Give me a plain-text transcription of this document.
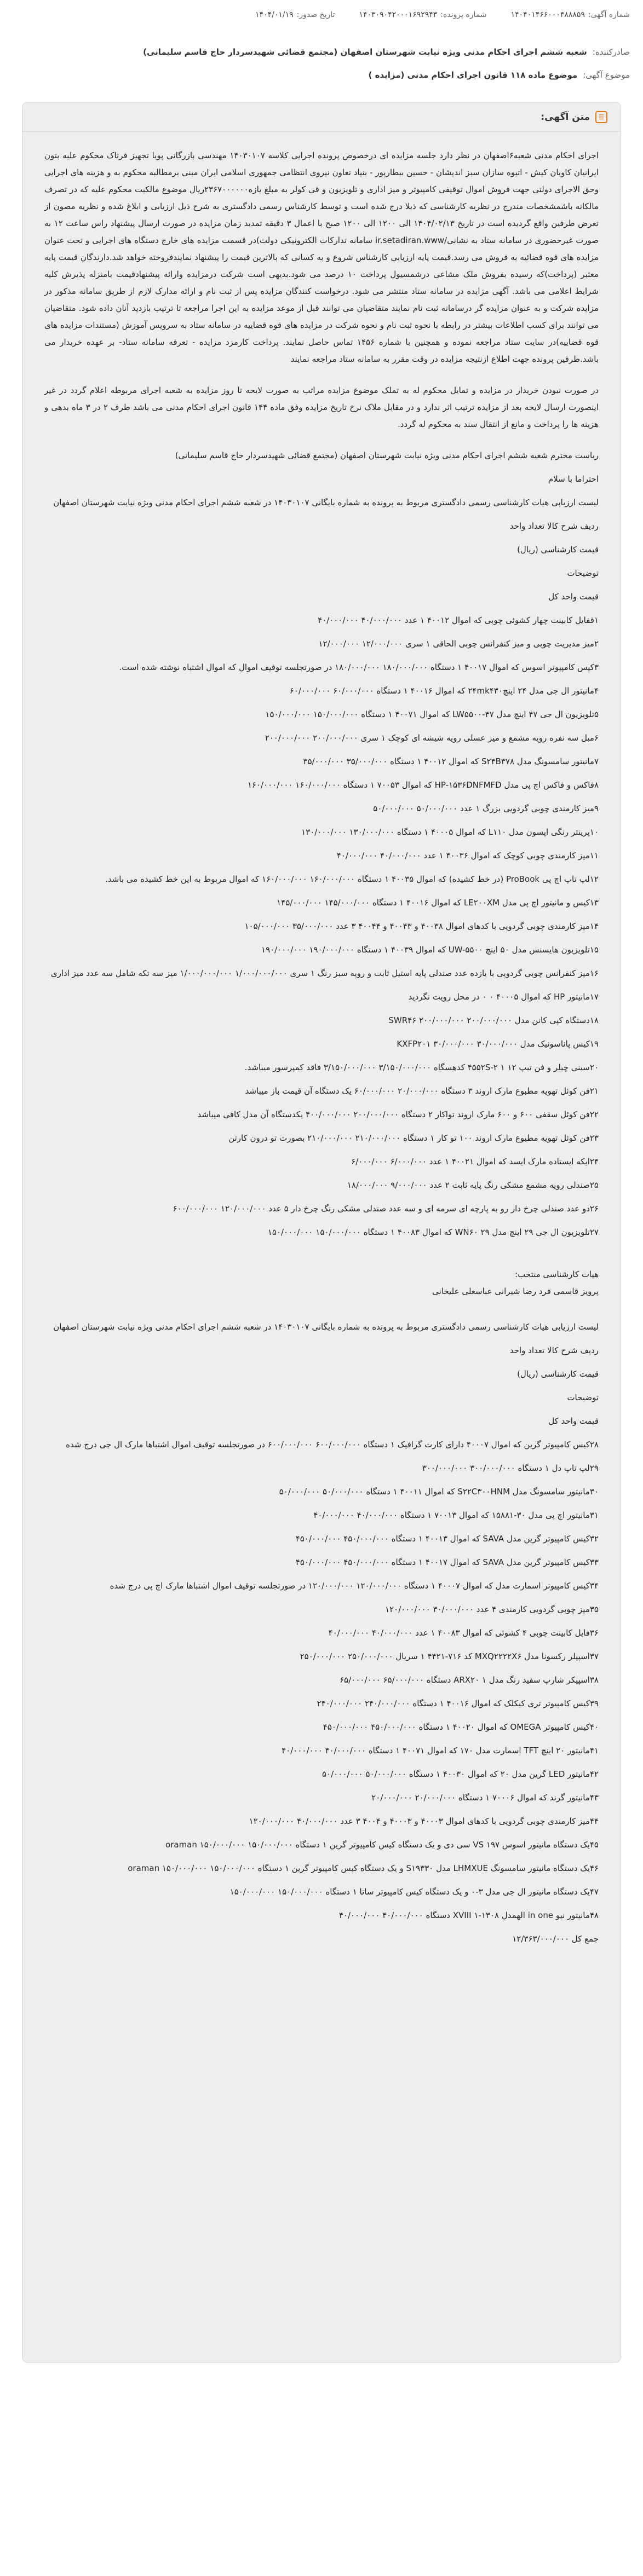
شماره آگهی:
۱۴۰۴۰۱۴۶۶۰۰۰۴۸۸۸۵۹
شماره پرونده:
۱۴۰۳۰۹۰۴۲۰۰۰۱۶۹۲۹۴۳
تاریخ صدور:
۱۴۰۴/۰۱/۱۹
صادرکننده:
شعبه ششم اجرای احکام مدنی ویژه نیابت شهرستان اصفهان (مجتمع قضائی شهیدسردار حاج قاسم سلیمانی)
موضوع آگهی:
موضوع ماده ۱۱۸ قانون اجرای احکام مدنی (مزایده )
☰
متن آگهی:

اجرای احکام مدنی شعبه۶اصفهان در نظر دارد جلسه مزایده ای درخصوص پرونده اجرایی کلاسه ۱۴۰۳۰۱۰۷ مهندسی بازرگانی پویا تجهیز فرتاک محکوم علیه بتون ایرانیان کاویان کیش - اتیوه سازان سبز اندیشان - حسین بیطارپور - بنیاد تعاون نیروی انتظامی جمهوری اسلامی ایران مبنی برمطالبه محکوم به و هزینه های اجرایی وحق الاجرای دولتی جهت فروش اموال توقیفی کامپیوتر و میز اداری و تلویزیون و قی کولر به مبلغ یازه۲۳۶۷۰۰۰۰۰۰ریال موضوع مالکیت محکوم علیه که در تصرف مالکانه باشمشخصات مندرج در نظریه کارشناسی که ذیلا درج شده است و توسط کارشناس رسمی دادگستری به شرح ذیل ارزیابی و ابلاغ شده و نظریه مصون از تعرض طرفین واقع گردیده است در تاریخ ۱۴۰۴/۰۲/۱۳ الی ۱۲۰۰ الی ۱۲۰۰ صبح با اعمال ۳ دقیقه تمدید زمان مزایده در صورت ارسال پیشنهاد راس ساعت ۱۲ به صورت غیرحضوری در سامانه ستاد به نشانی/ir.setadiran.www سامانه تدارکات الکترونیکی دولت)در قسمت مزایده های خارج دستگاه های اجرایی و تحت عنوان مزایده های قوه قضائیه به فروش می رسد.قیمت پایه ارزیابی کارشناس شروع و به کسانی که بالاترین قیمت را پیشنهاد نمایندفروخته خواهد شد.دارندگان قیمت پایه معتبر (پرداخت)که رسیده بفروش ملک مشاعی درشمسیول پرداخت ۱۰ درصد می شود.بدیهی است شرکت درمزایده وارائه پیشنهادقیمت بامنزله پذیرش کلیه شرایط اعلامی می باشد. آگهی مزایده در سامانه ستاد منتشر می شود. درخواست کنندگان مزایده پس از ثبت نام و ارائه مدارک لازم از طریق سامانه مذکور در مزایده شرکت و به عنوان مزایده گر درسامانه ثبت نام نمایند متقاضیان می توانند قبل از موعد مزایده به این اجرا مراجعه تا ترتیب بازدید آنان داده شود. متقاضیان می توانند برای کسب اطلاعات بیشتر در رابطه با نحوه ثبت نام و نحوه شرکت در مزایده های قوه قضاییه در سامانه ستاد به سرویس آموزش (مستندات مزایده های قوه قضاییه)در سایت ستاد مراجعه نموده و همچنین با شماره ۱۴۵۶ تماس حاصل نمایند. پرداخت کارمزد مزایده - تعرفه سامانه ستاد- بر عهده خریدار می باشد.طرفین پرونده جهت اطلاع ازنتیجه مزایده در وقت مقرر به سامانه ستاد مراجعه نمایند

در صورت نبودن خریدار در مزایده و تمایل محکوم له به تملک موضوع مزایده مراتب به صورت لایحه تا روز مزایده به شعبه اجرای مربوطه اعلام گردد در غیر اینصورت ارسال لایحه بعد از مزایده ترتیب اثر ندارد و در مقابل ملاک نرخ تاریخ مزایده وفق ماده ۱۴۴ قانون اجرای احکام مدنی می باشد طرف ۲ در ۳ ماه بدهی و هزینه ها را پرداخت و مانع از انتقال سند به محکوم له گردد.

ریاست محترم شعبه ششم اجرای احکام مدنی ویژه نیابت شهرستان اصفهان (مجتمع قضائی شهیدسردار حاج قاسم سلیمانی)
احتراما با سلام
لیست ارزیابی هیات کارشناسی رسمی دادگستری مربوط به پرونده به شماره بایگانی ۱۴۰۳۰۱۰۷ در شعبه ششم اجرای احکام مدنی ویژه نیابت شهرستان اصفهان
ردیف شرح کالا تعداد واحد
قیمت کارشناسی (ریال)
توضیحات
قیمت واحد کل
۱قفایل کابینت چهار کشوئی چوبی که اموال ۴۰۰۱۲ ۱ عدد ۴۰/۰۰۰/۰۰۰ ۴۰/۰۰۰/۰۰۰
۲میز مدیریت چوبی و میز کنفرانس چوبی الحاقی ۱ سری ۱۲/۰۰۰/۰۰۰ ۱۲/۰۰۰/۰۰۰
۳کیس کامپیوتر اسوس که اموال ۴۰۰۱۷ ۱ دستگاه ۱۸۰/۰۰۰/۰۰۰ ۱۸۰/۰۰۰/۰۰۰ در صورتجلسه توقیف اموال که اموال اشتباه نوشته شده است.
۴مانیتور ال جی مدل ۲۴ اینچ۲۴mk۴۳۰ که اموال ۴۰۰۱۶ ۱ دستگاه ۶۰/۰۰۰/۰۰۰ ۶۰/۰۰۰/۰۰۰
۵تلویزیون ال جی ۴۷ اینچ مدل LW۵۵۰۰-۴۷ که اموال ۴۰۰۷۱ ۱ دستگاه ۱۵۰/۰۰۰/۰۰۰ ۱۵۰/۰۰۰/۰۰۰
۶مبل سه نفره رویه مشمع و میز عسلی رویه شیشه ای کوچک ۱ سری ۲۰۰/۰۰۰/۰۰۰ ۲۰۰/۰۰۰/۰۰۰
۷مانیتور سامسونگ مدل S۲۴B۳۷۸ که اموال ۴۰۰۱۲ ۱ دستگاه ۳۵/۰۰۰/۰۰۰ ۳۵/۰۰۰/۰۰۰
۸فاکس و فاکس اچ پی مدل HP-۱۵۳۶DNFMFD که اموال ۷۰۰۵۳ ۱ دستگاه ۱۶۰/۰۰۰/۰۰۰ ۱۶۰/۰۰۰/۰۰۰
۹میز کارمندی چوبی گردویی بزرگ ۱ عدد ۵۰/۰۰۰/۰۰۰ ۵۰/۰۰۰/۰۰۰
۱۰پرینتر رنگی اپسون مدل L۱۱۰ که اموال ۴۰۰۰۵ ۱ دستگاه ۱۳۰/۰۰۰/۰۰۰ ۱۳۰/۰۰۰/۰۰۰
۱۱میز کارمندی چوبی کوچک که اموال ۴۰۰۳۶ ۱ عدد ۴۰/۰۰۰/۰۰۰ ۴۰/۰۰۰/۰۰۰
۱۲لپ تاپ اچ پی ProBook (در خط کشیده) که اموال ۴۰۰۳۵ ۱ دستگاه ۱۶۰/۰۰۰/۰۰۰ ۱۶۰/۰۰۰/۰۰۰ که اموال مربوط به این خط کشیده می باشد.
۱۳کیس و مانیتور اچ پی مدل LE۲۰۰XM که اموال ۴۰۰۱۶ ۱ دستگاه ۱۴۵/۰۰۰/۰۰۰ ۱۴۵/۰۰۰/۰۰۰
۱۴میز کارمندی چوبی گردویی با کدهای اموال ۴۰۰۳۸ و ۴۰۰۴۳ و ۴۰۰۴۴ ۳ عدد ۳۵/۰۰۰/۰۰۰ ۱۰۵/۰۰۰/۰۰۰
۱۵تلویزیون هایسنس مدل ۵۰ اینچ UW-۵۵۰۰ که اموال ۴۰۰۳۹ ۱ دستگاه ۱۹۰/۰۰۰/۰۰۰ ۱۹۰/۰۰۰/۰۰۰
۱۶میز کنفرانس چوبی گردویی با یازده عدد صندلی پایه استیل ثابت و رویه سبز رنگ ۱ سری ۱/۰۰۰/۰۰۰/۰۰۰ ۱/۰۰۰/۰۰۰/۰۰۰ میز سه تکه شامل سه عدد میز اداری
۱۷مانیتور HP که اموال ۴۰۰۰۵ ۰ ۰ در محل رویت نگردید
۱۸دستگاه کپی کانن مدل SWR۴۶ ۲۰۰/۰۰۰/۰۰۰ ۲۰۰/۰۰۰/۰۰۰
۱۹کیس پاناسونیک مدل KXFP۲۰۱ ۳۰/۰۰۰/۰۰۰ ۳۰/۰۰۰/۰۰۰
۲۰سینی چیلر و فن تیپ ۱۲ ۱ ۴۵۵۲S-۲ کدهسگاه ۳/۱۵۰/۰۰۰/۰۰۰ ۳/۱۵۰/۰۰۰/۰۰۰ فاقد کمپرسور میباشد.
۲۱فن کوئل تهویه مطبوع مارک اروند ۳ دستگاه ۲۰/۰۰۰/۰۰۰ ۶۰/۰۰۰/۰۰۰ یک دستگاه آن قیمت باز میباشد
۲۲فن کوئل سقفی ۶۰۰ و ۶۰۰ مارک اروند تواکار ۲ دستگاه ۲۰۰/۰۰۰/۰۰۰ ۴۰۰/۰۰۰/۰۰۰ یکدستگاه آن مدل کافی میباشد
۲۳فن کوئل تهویه مطبوع مارک اروند ۱۰۰ تو کار ۱ دستگاه ۲۱۰/۰۰۰/۰۰۰ ۲۱۰/۰۰۰/۰۰۰ بصورت تو درون کارتن
۲۴ایکه ایستاده مارک ایسد که اموال ۴۰۰۲۱ ۱ عدد ۶/۰۰۰/۰۰۰ ۶/۰۰۰/۰۰۰
۲۵صندلی رویه مشمع مشکی رنگ پایه ثابت ۲ عدد ۹/۰۰۰/۰۰۰ ۱۸/۰۰۰/۰۰۰
۲۶دو عدد صندلی چرخ دار رو به پارچه ای سرمه ای و سه عدد صندلی مشکی رنگ چرخ دار ۵ عدد ۱۲۰/۰۰۰/۰۰۰ ۶۰۰/۰۰۰/۰۰۰
۲۷تلویزیون ال جی ۲۹ اینچ مدل WN۶۰ ۲۹ که اموال ۴۰۰۸۳ ۱ دستگاه ۱۵۰/۰۰۰/۰۰۰ ۱۵۰/۰۰۰/۰۰۰
هیات کارشناسی منتخب:
پرویز قاسمی فرد رضا شیرانی عباسعلی علیخانی
لیست ارزیابی هیات کارشناسی رسمی دادگستری مربوط به پرونده به شماره بایگانی ۱۴۰۳۰۱۰۷ در شعبه ششم اجرای احکام مدنی ویژه نیابت شهرستان اصفهان
ردیف شرح کالا تعداد واحد
قیمت کارشناسی (ریال)
توضیحات
قیمت واحد کل
۲۸کیس کامپیوتر گرین که اموال ۴۰۰۰۷ دارای کارت گرافیک ۱ دستگاه ۶۰۰/۰۰۰/۰۰۰ ۶۰۰/۰۰۰/۰۰۰ در صورتجلسه توقیف اموال اشتباها مارک ال جی درج شده
۲۹لپ تاپ دل ۱ دستگاه ۳۰۰/۰۰۰/۰۰۰ ۳۰۰/۰۰۰/۰۰۰
۳۰مانیتور سامسونگ مدل S۲۲C۳۰۰HNM که اموال ۴۰۰۱۱ ۱ دستگاه ۵۰/۰۰۰/۰۰۰ ۵۰/۰۰۰/۰۰۰
۳۱مانیتور اچ پی مدل ۳۰-۱۵۸۸۱ که اموال ۷۰۰۱۳ ۱ دستگاه ۴۰/۰۰۰/۰۰۰ ۴۰/۰۰۰/۰۰۰
۳۲کیس کامپیوتر گرین مدل SAVA که اموال ۴۰۰۱۳ ۱ دستگاه ۴۵۰/۰۰۰/۰۰۰ ۴۵۰/۰۰۰/۰۰۰
۳۳کیس کامپیوتر گرین مدل SAVA که اموال ۴۰۰۱۷ ۱ دستگاه ۴۵۰/۰۰۰/۰۰۰ ۴۵۰/۰۰۰/۰۰۰
۳۴کیس کامپیوتر اسمارت مدل که اموال ۴۰۰۰۷ ۱ دستگاه ۱۲۰/۰۰۰/۰۰۰ ۱۲۰/۰۰۰/۰۰۰ در صورتجلسه توقیف اموال اشتباها مارک اچ پی درج شده
۳۵میز چوبی گردویی کارمندی ۴ عدد ۳۰/۰۰۰/۰۰۰ ۱۲۰/۰۰۰/۰۰۰
۳۶فایل کابینت چوبی ۴ کشوئی که اموال ۴۰۰۸۳ ۱ عدد ۴۰/۰۰۰/۰۰۰ ۴۰/۰۰۰/۰۰۰
۳۷اسپیلر رکسونا مدل MXQ۲۲۲۲X۶ کد ۷۱۶-۴۴۲۱ ۱ سریال ۲۵۰/۰۰۰/۰۰۰ ۲۵۰/۰۰۰/۰۰۰
۳۸اسپیکر شارپ سفید رنگ مدل ARX۲۰ ۱ دستگاه ۶۵/۰۰۰/۰۰۰ ۶۵/۰۰۰/۰۰۰
۳۹کیس کامپیوتر تری کیکلک که اموال ۴۰۰۱۶ ۱ دستگاه ۲۴۰/۰۰۰/۰۰۰ ۲۴۰/۰۰۰/۰۰۰
۴۰کیس کامپیوتر OMEGA که اموال ۴۰۰۲۰ ۱ دستگاه ۴۵۰/۰۰۰/۰۰۰ ۴۵۰/۰۰۰/۰۰۰
۴۱مانیتور ۲۰ اینچ TFT اسمارت مدل ۱۷۰ که اموال ۴۰۰۷۱ ۱ دستگاه ۴۰/۰۰۰/۰۰۰ ۴۰/۰۰۰/۰۰۰
۴۲مانیتور LED گرین مدل ۲۰ که اموال ۴۰۰۳۰ ۱ دستگاه ۵۰/۰۰۰/۰۰۰ ۵۰/۰۰۰/۰۰۰
۴۳مانیتور گرند که اموال ۷۰۰۰۶ ۱ دستگاه ۲۰/۰۰۰/۰۰۰ ۲۰/۰۰۰/۰۰۰
۴۴میز کارمندی چوبی گردویی با کدهای اموال ۴۰۰۰۳ و ۴۰۰۰۳ و ۴۰۰۴ ۳ عدد ۴۰/۰۰۰/۰۰۰ ۱۲۰/۰۰۰/۰۰۰
۴۵یک دستگاه مانیتور اسوس ۱۹۷ VS سی دی و یک دستگاه کیس کامپیوتر گرین ۱ دستگاه ۱۵۰/۰۰۰/۰۰۰ ۱۵۰/۰۰۰/۰۰۰ oraman
۴۶یک دستگاه مانیتور سامسونگ LHMXUE مدل S۱۹۳۳۰ و یک دستگاه کیس کامپیوتر گرین ۱ دستگاه ۱۵۰/۰۰۰/۰۰۰ ۱۵۰/۰۰۰/۰۰۰ oraman
۴۷یک دستگاه مانیتور ال جی مدل ۳-۰ و یک دستگاه کیس کامپیوتر ساتا ۱ دستگاه ۱۵۰/۰۰۰/۰۰۰ ۱۵۰/۰۰۰/۰۰۰
۴۸مانیتور نیو in one الهمدل ۱۳۰۸-XVIII ۱ دستگاه ۴۰/۰۰۰/۰۰۰ ۴۰/۰۰۰/۰۰۰
جمع کل ۱۲/۳۶۳/۰۰۰/۰۰۰
